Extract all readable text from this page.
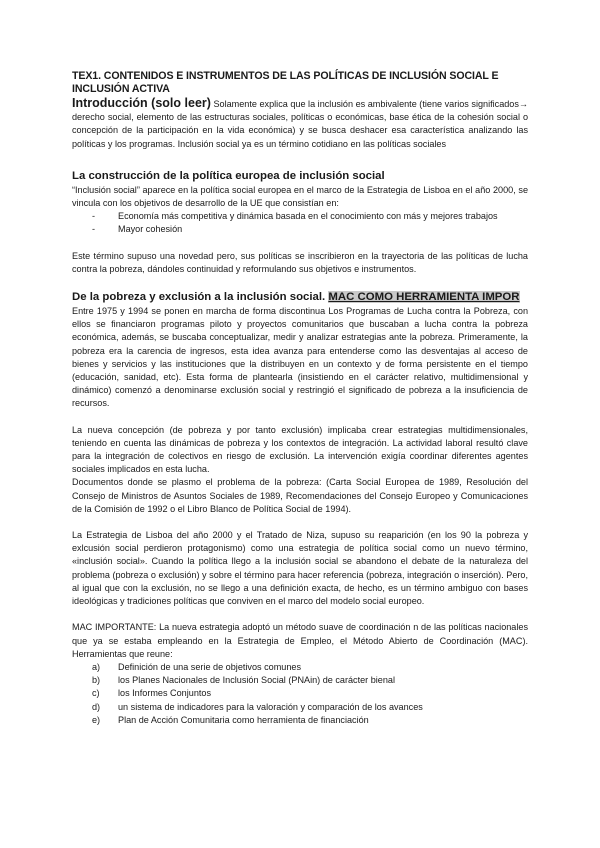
TEX1. CONTENIDOS E INSTRUMENTOS DE LAS POLÍTICAS DE INCLUSIÓN SOCIAL E INCLUSIÓN ACTIVA

Introducción (solo leer) Solamente explica que la inclusión es ambivalente (tiene varios significados→ derecho social, elemento de las estructuras sociales, políticas o económicas, base ética de la cohesión social o concepción de la participación en la vida económica) y se busca deshacer esa característica analizando las políticas y los programas. Inclusión social ya es un término cotidiano en las políticas sociales

La construcción de la política europea de inclusión social

“Inclusión social” aparece en la política social europea en el marco de la Estrategia de Lisboa en el año 2000, se vincula con los objetivos de desarrollo de la UE que consistían en:

- Economía más competitiva y dinámica basada en el conocimiento con más y mejores trabajos
- Mayor cohesión

Este término supuso una novedad pero, sus políticas se inscribieron en la trayectoria de las políticas de lucha contra la pobreza, dándoles continuidad y reformulando sus objetivos e instrumentos.

De la pobreza y exclusión a la inclusión social. MAC COMO HERRAMIENTA IMPOR

Entre 1975 y 1994 se ponen en marcha de forma discontinua Los Programas de Lucha contra la Pobreza, con ellos se financiaron programas piloto y proyectos comunitarios que buscaban a lucha contra la pobreza económica, además, se buscaba conceptualizar, medir y analizar estrategias ante la pobreza. Primeramente, la pobreza era la carencia de ingresos, esta idea avanza para entenderse como las desventajas al acceso de bienes y servicios y las instituciones que la distribuyen en un contexto y de forma persistente en el tiempo (educación, sanidad, etc). Esta forma de plantearla (insistiendo en el carácter relativo, multidimensional y dinámico) comenzó a denominarse exclusión social y restringió el significado de pobreza a la insuficiencia de recursos.

La nueva concepción (de pobreza y por tanto exclusión) implicaba crear estrategias multidimensionales, teniendo en cuenta las dinámicas de pobreza y los contextos de integración. La actividad laboral resultó clave para la integración de colectivos en riesgo de exclusión. La intervención exigía coordinar diferentes agentes sociales implicados en esta lucha.

Documentos donde se plasmo el problema de la pobreza: (Carta Social Europea de 1989, Resolución del Consejo de Ministros de Asuntos Sociales de 1989, Recomendaciones del Consejo Europeo y Comunicaciones de la Comisión de 1992 o el Libro Blanco de Política Social de 1994).

La Estrategia de Lisboa del año 2000 y el Tratado de Niza, supuso su reaparición (en los 90 la pobreza y exlcusión social perdieron protagonismo) como una estrategia de política social como un nuevo término, «inclusión social». Cuando la política llego a la inclusión social se abandono el debate de la naturaleza del problema (pobreza o exclusión) y sobre el término para hacer referencia (pobreza, integración o inserción). Pero, al igual que con la exclusión, no se llego a una definición exacta, de hecho, es un término ambiguo con bases ideológicas y tradiciones políticas que conviven en el marco del modelo social europeo.

MAC IMPORTANTE: La nueva estrategia adoptó un método suave de coordinación n de las políticas nacionales que ya se estaba empleando en la Estrategia de Empleo, el Método Abierto de Coordinación (MAC). Herramientas que reune:

a) Definición de una serie de objetivos comunes
b) los Planes Nacionales de Inclusión Social (PNAin) de carácter bienal
c) los Informes Conjuntos
d) un sistema de indicadores para la valoración y comparación de los avances
e) Plan de Acción Comunitaria como herramienta de financiación
